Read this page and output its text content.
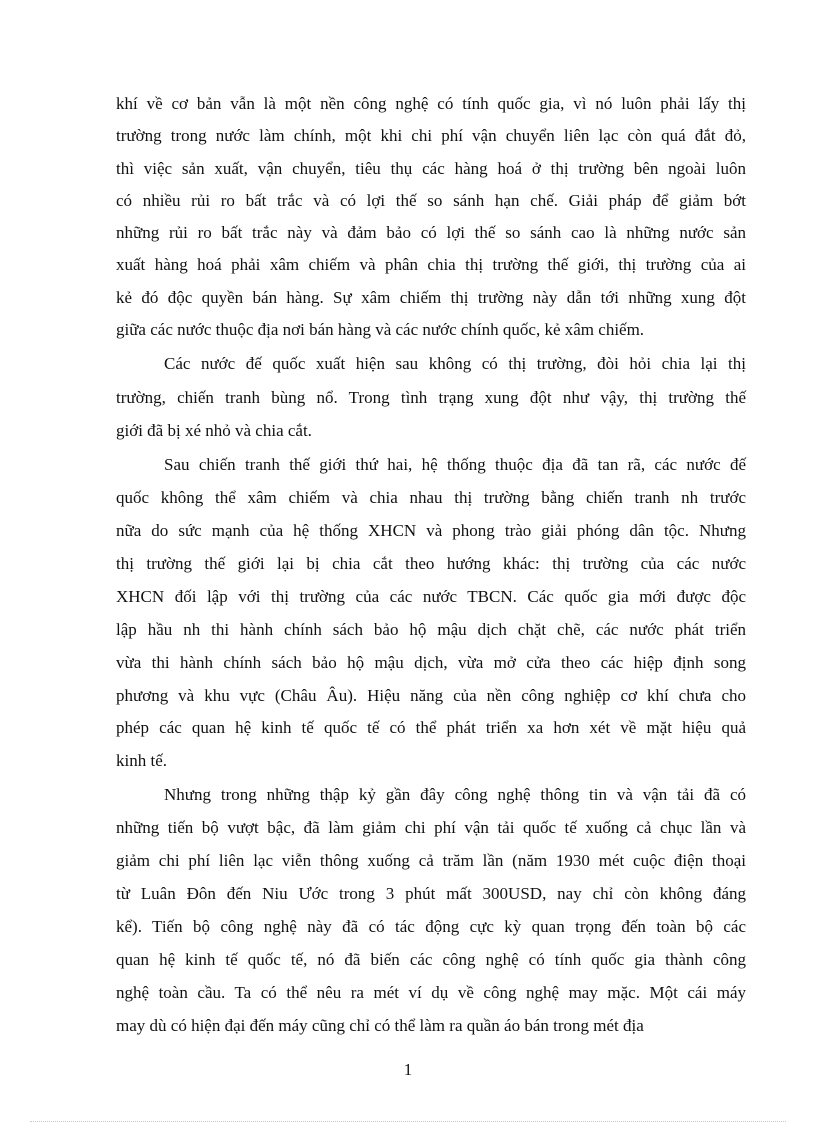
khí về cơ bản vẫn là một nền công nghệ có tính quốc gia, vì nó luôn phải lấy thị
trường trong nước làm chính, một khi chi phí vận chuyển liên lạc còn quá đắt đỏ,
thì việc sản xuất, vận chuyển, tiêu thụ các hàng hoá ở thị trường bên ngoài luôn
có nhiều rủi ro bất trắc và có lợi thế so sánh hạn chế. Giải pháp để giảm bớt
những rủi ro bất trắc này và đảm bảo có lợi thế so sánh cao là những nước sản
xuất hàng hoá phải xâm chiếm và phân chia thị trường thế giới, thị trường của ai
kẻ đó độc quyền bán hàng. Sự xâm chiếm thị trường này dẫn tới những xung đột
giữa các nước thuộc địa nơi bán hàng và các nước chính quốc, kẻ xâm chiếm.
Các nước đế quốc xuất hiện sau không có thị trường, đòi hỏi chia lại thị
trường, chiến tranh bùng nổ. Trong tình trạng xung đột như vậy, thị trường thế
giới đã bị xé nhỏ và chia cắt.
Sau chiến tranh thế giới thứ hai, hệ thống thuộc địa đã tan rã, các nước đế
quốc không thể xâm chiếm và chia nhau thị trường bằng chiến tranh nh trước
nữa do sức mạnh của hệ thống XHCN và phong trào giải phóng dân tộc. Nhưng
thị trường thế giới lại bị chia cắt theo hướng khác: thị trường của các nước
XHCN đối lập với thị trường của các nước TBCN. Các quốc gia mới được độc
lập hầu nh thi hành chính sách bảo hộ mậu dịch chặt chẽ, các nước phát triển
vừa thi hành chính sách bảo hộ mậu dịch, vừa mở cửa theo các hiệp định song
phương và khu vực (Châu Âu). Hiệu năng của nền công nghiệp cơ khí chưa cho
phép các quan hệ kinh tế quốc tế có thể phát triển xa hơn xét về mặt hiệu quả
kinh tế.
Nhưng trong những thập kỷ gần đây công nghệ thông tin và vận tải đã có
những tiến bộ vượt bậc, đã làm giảm chi phí vận tải quốc tế xuống cả chục lần và
giảm chi phí liên lạc viễn thông xuống cả trăm lần (năm 1930 mét cuộc điện thoại
từ Luân Đôn đến Niu Ước trong 3 phút mất 300USD, nay chỉ còn không đáng
kể). Tiến bộ công nghệ này đã có tác động cực kỳ quan trọng đến toàn bộ các
quan hệ kinh tế quốc tế, nó đã biến các công nghệ có tính quốc gia thành công
nghệ toàn cầu. Ta có thể nêu ra mét ví dụ về công nghệ may mặc. Một cái máy
may dù có hiện đại đến máy cũng chỉ có thể làm ra quần áo bán trong mét địa
1
